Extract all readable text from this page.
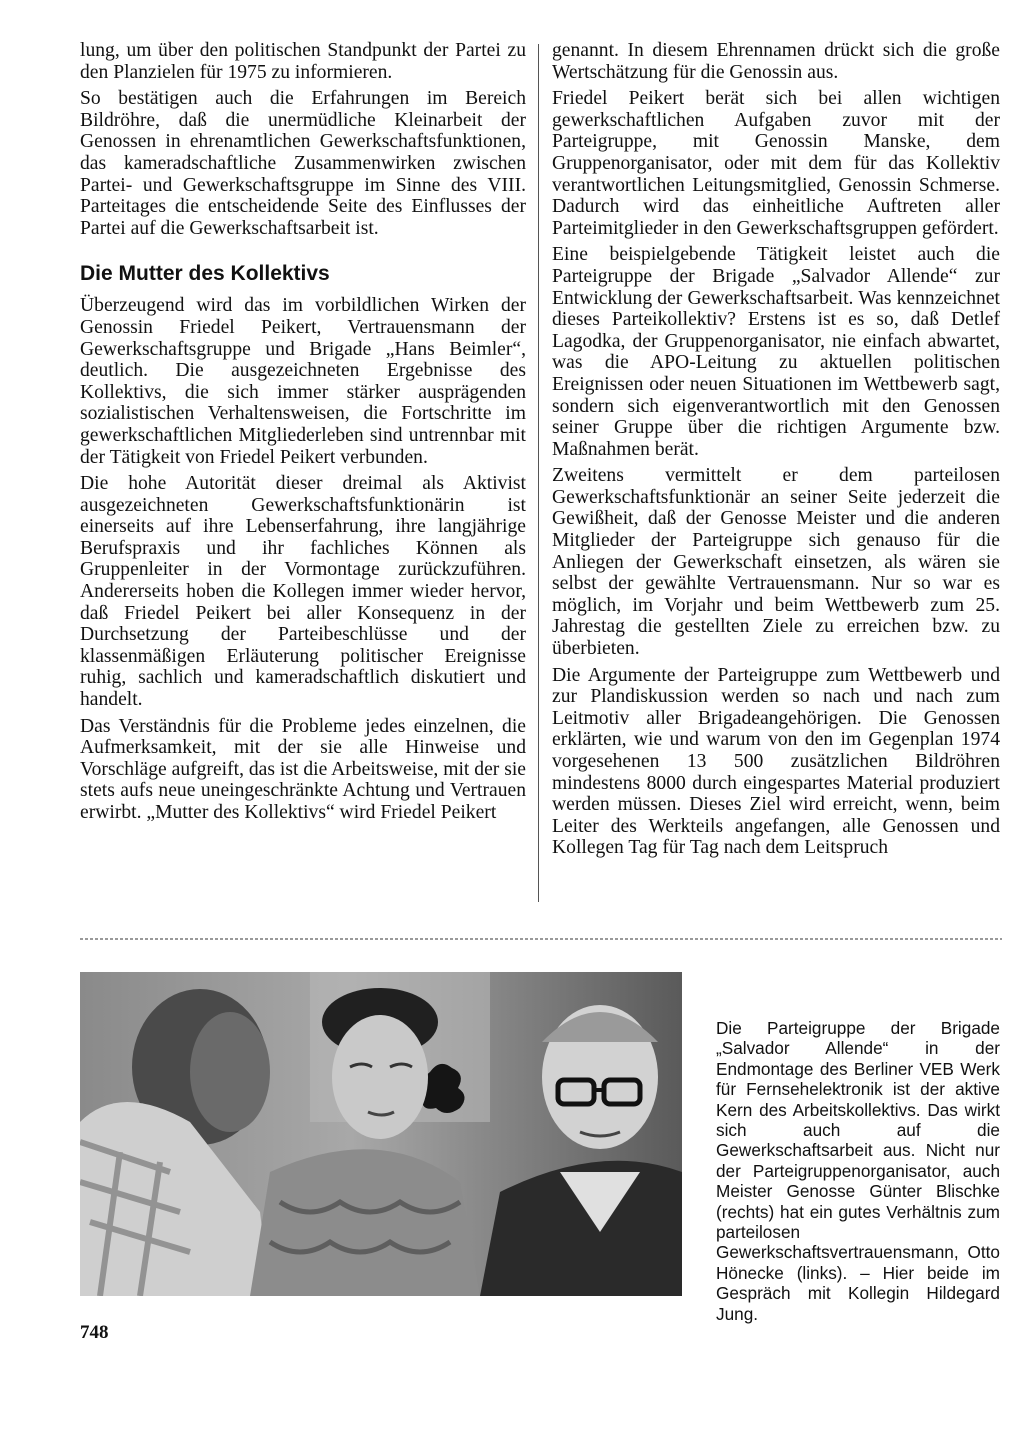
lung, um über den politischen Standpunkt der Partei zu den Planzielen für 1975 zu informieren.

So bestätigen auch die Erfahrungen im Bereich Bildröhre, daß die unermüdliche Kleinarbeit der Genossen in ehrenamtlichen Gewerkschaftsfunktionen, das kameradschaftliche Zusammenwirken zwischen Partei- und Gewerkschaftsgruppe im Sinne des VIII. Parteitages die entscheidende Seite des Einflusses der Partei auf die Gewerkschaftsarbeit ist.

Die Mutter des Kollektivs

Überzeugend wird das im vorbildlichen Wirken der Genossin Friedel Peikert, Vertrauensmann der Gewerkschaftsgruppe und Brigade „Hans Beimler“, deutlich. Die ausgezeichneten Ergebnisse des Kollektivs, die sich immer stärker ausprägenden sozialistischen Verhaltensweisen, die Fortschritte im gewerkschaftlichen Mitgliederleben sind untrennbar mit der Tätigkeit von Friedel Peikert verbunden.

Die hohe Autorität dieser dreimal als Aktivist ausgezeichneten Gewerkschaftsfunktionärin ist einerseits auf ihre Lebenserfahrung, ihre langjährige Berufspraxis und ihr fachliches Können als Gruppenleiter in der Vormontage zurückzuführen. Andererseits hoben die Kollegen immer wieder hervor, daß Friedel Peikert bei aller Konsequenz in der Durchsetzung der Parteibeschlüsse und der klassenmäßigen Erläuterung politischer Ereignisse ruhig, sachlich und kameradschaftlich diskutiert und handelt.

Das Verständnis für die Probleme jedes einzelnen, die Aufmerksamkeit, mit der sie alle Hinweise und Vorschläge aufgreift, das ist die Arbeitsweise, mit der sie stets aufs neue uneingeschränkte Achtung und Vertrauen erwirbt. „Mutter des Kollektivs“ wird Friedel Peikert

genannt. In diesem Ehrennamen drückt sich die große Wertschätzung für die Genossin aus.

Friedel Peikert berät sich bei allen wichtigen gewerkschaftlichen Aufgaben zuvor mit der Parteigruppe, mit Genossin Manske, dem Gruppenorganisator, oder mit dem für das Kollektiv verantwortlichen Leitungsmitglied, Genossin Schmerse. Dadurch wird das einheitliche Auftreten aller Parteimitglieder in den Gewerkschaftsgruppen gefördert.

Eine beispielgebende Tätigkeit leistet auch die Parteigruppe der Brigade „Salvador Allende“ zur Entwicklung der Gewerkschaftsarbeit. Was kennzeichnet dieses Parteikollektiv? Erstens ist es so, daß Detlef Lagodka, der Gruppenorganisator, nie einfach abwartet, was die APO-Leitung zu aktuellen politischen Ereignissen oder neuen Situationen im Wettbewerb sagt, sondern sich eigenverantwortlich mit den Genossen seiner Gruppe über die richtigen Argumente bzw. Maßnahmen berät.

Zweitens vermittelt er dem parteilosen Gewerkschaftsfunktionär an seiner Seite jederzeit die Gewißheit, daß der Genosse Meister und die anderen Mitglieder der Parteigruppe sich genauso für die Anliegen der Gewerkschaft einsetzen, als wären sie selbst der gewählte Vertrauensmann. Nur so war es möglich, im Vorjahr und beim Wettbewerb zum 25. Jahrestag die gestellten Ziele zu erreichen bzw. zu überbieten.

Die Argumente der Parteigruppe zum Wettbewerb und zur Plandiskussion werden so nach und nach zum Leitmotiv aller Brigadeangehörigen. Die Genossen erklärten, wie und warum von den im Gegenplan 1974 vorgesehenen 13 500 zusätzlichen Bildröhren mindestens 8000 durch eingespartes Material produziert werden müssen. Dieses Ziel wird erreicht, wenn, beim Leiter des Werkteils angefangen, alle Genossen und Kollegen Tag für Tag nach dem Leitspruch

Die Parteigruppe der Brigade „Salvador Allende“ in der Endmontage des Berliner VEB Werk für Fernsehelektronik ist der aktive Kern des Arbeitskollektivs. Das wirkt sich auch auf die Gewerkschaftsarbeit aus. Nicht nur der Parteigruppenorganisator, auch Meister Genosse Günter Blischke (rechts) hat ein gutes Verhältnis zum parteilosen Gewerkschaftsvertrauensmann, Otto Hönecke (links). – Hier beide im Gespräch mit Kollegin Hildegard Jung.
748
